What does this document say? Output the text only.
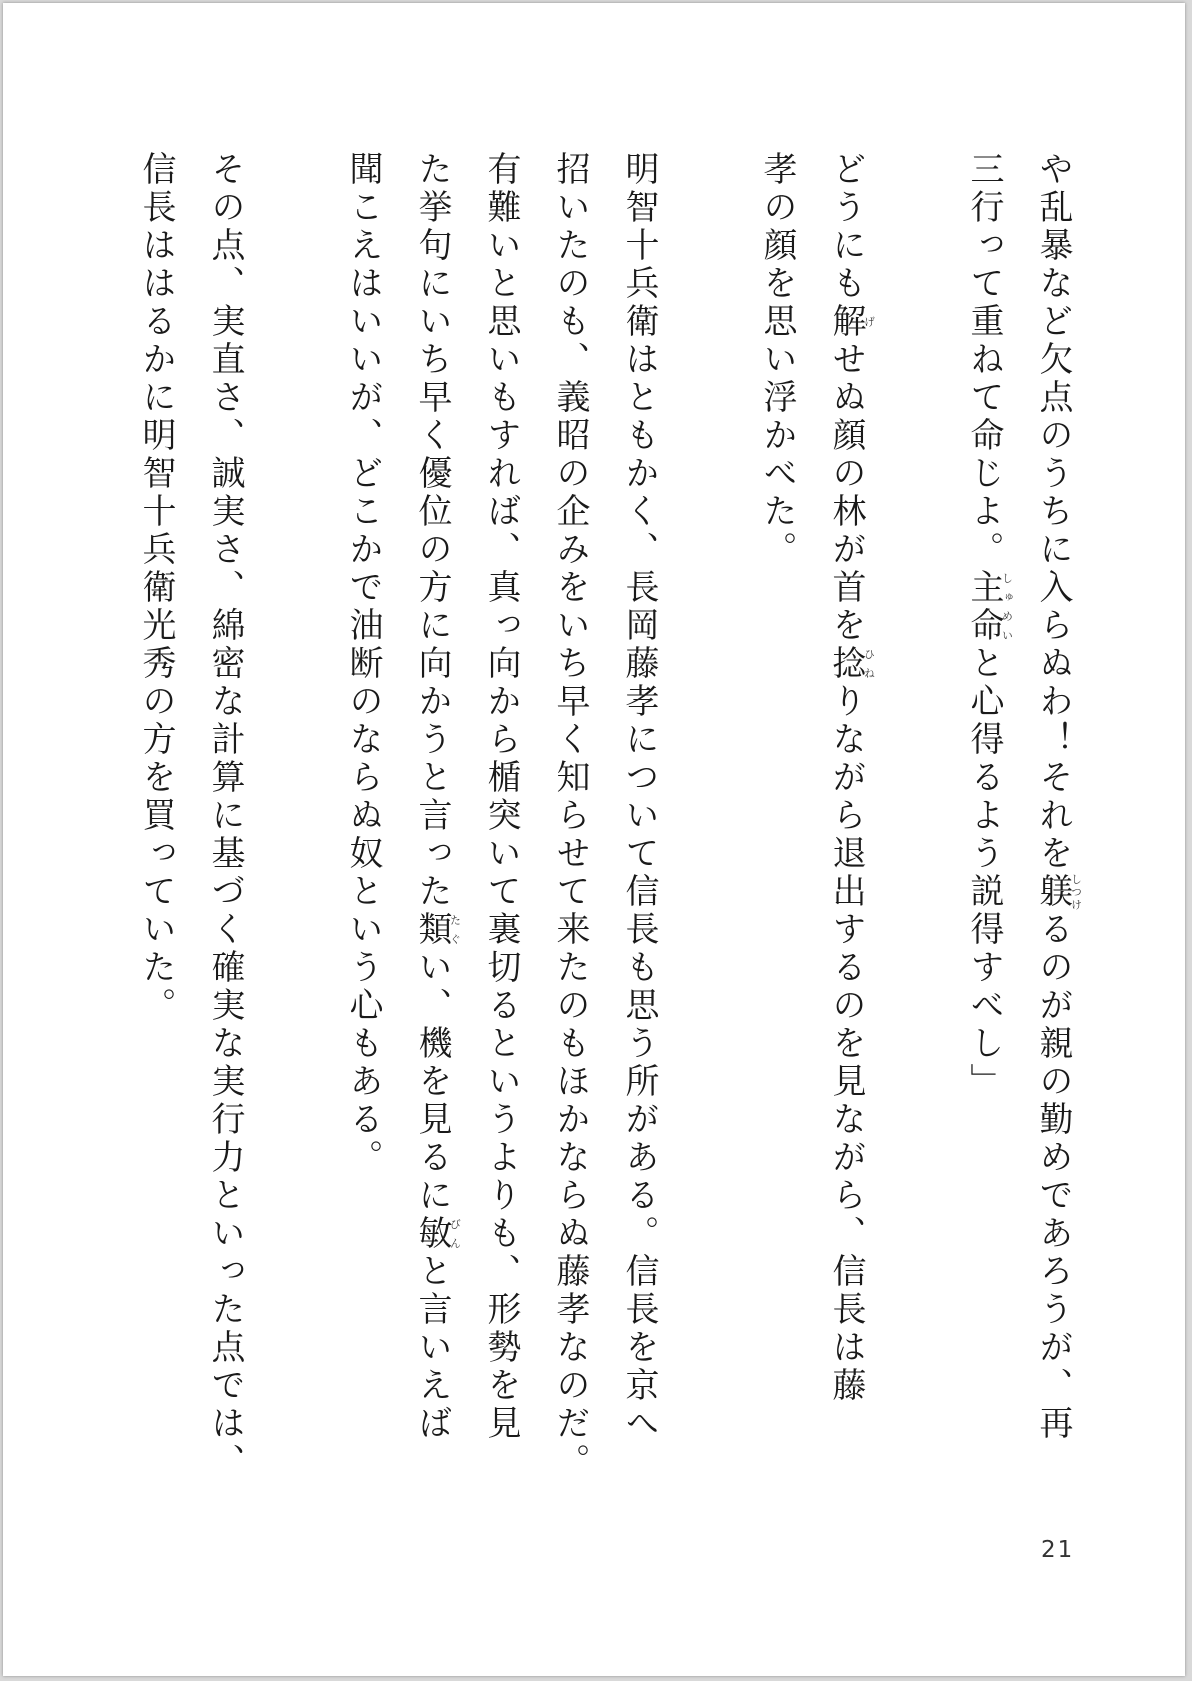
や乱暴など欠点のうちに入らぬわ！それを躾しつけるのが親の勤めであろうが、再
三行って重ねて命じよ。主命しゅめいと心得るよう説得すべし」
どうにも解げせぬ顔の林が首を捻ひねりながら退出するのを見ながら、信長は藤
孝の顔を思い浮かべた。
明智十兵衛はともかく、長岡藤孝について信長も思う所がある。信長を京へ
招いたのも、義昭の企みをいち早く知らせて来たのもほかならぬ藤孝なのだ。
有難いと思いもすれば、真っ向から楯突いて裏切るというよりも、形勢を見
た挙句にいち早く優位の方に向かうと言った類たぐい、機を見るに敏びんと言いえば
聞こえはいいが、どこかで油断のならぬ奴という心もある。
その点、実直さ、誠実さ、綿密な計算に基づく確実な実行力といった点では、
信長ははるかに明智十兵衛光秀の方を買っていた。
21
